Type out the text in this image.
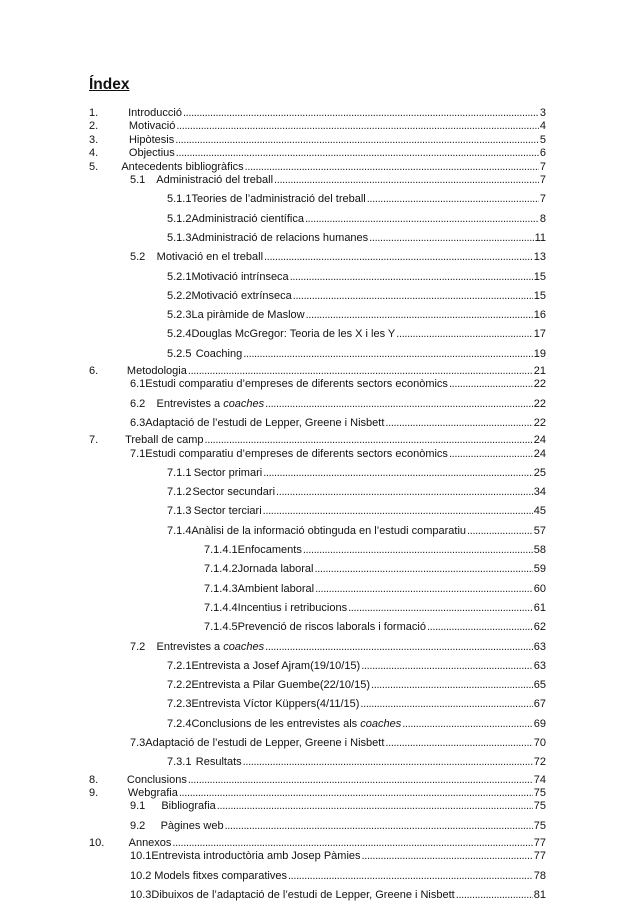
Índex
1.	Introducció . . .	3
2.	Motivació . . .	4
3.	Hipòtesis . . .	5
4.	Objectius . . .	6
5.	Antecedents bibliogràfics . . .	7
5.1 Administració del treball . . .	7
5.1.1 Teories de l’administració del treball . . .	7
5.1.2 Administració científica . . .	8
5.1.3 Administració de relacions humanes . . .	11
5.2	Motivació en el treball . . .	13
5.2.1 Motivació intrínseca . . .	15
5.2.2 Motivació extrínseca . . .	15
5.2.3 La piràmide de Maslow . . .	16
5.2.4 Douglas McGregor: Teoria de les X i les Y . . .	17
5.2.5 Coaching . . .	19
6.	Metodologia . . .	21
6.1 Estudi comparatiu d’empreses de diferents sectors econòmics . . .	22
6.2	Entrevistes a coaches . . .	22
6.3 Adaptació de l’estudi de Lepper, Greene i Nisbett . . .	22
7.	Treball de camp . . .	24
7.1 Estudi comparatiu d’empreses de diferents sectors econòmics . . .	24
7.1.1 Sector primari . . .	25
7.1.2 Sector secundari . . .	34
7.1.3 Sector terciari . . .	45
7.1.4 Anàlisi de la informació obtinguda en l’estudi comparatiu . . .	57
7.1.4.1 Enfocaments . . .	58
7.1.4.2 Jornada laboral . . .	59
7.1.4.3 Ambient laboral . . .	60
7.1.4.4 Incentius i retribucions . . .	61
7.1.4.5 Prevenció de riscos laborals i formació . . .	62
7.2	Entrevistes a coaches . . .	63
7.2.1 Entrevista a Josef Ajram(19/10/15) . . .	63
7.2.2 Entrevista a Pilar Guembe(22/10/15) . . .	65
7.2.3 Entrevista Víctor Küppers(4/11/15) . . .	67
7.2.4 Conclusions de les entrevistes als coaches . . .	69
7.3 Adaptació de l’estudi de Lepper, Greene i Nisbett . . .	70
7.3.1 Resultats . . .	72
8.	Conclusions . . .	74
9.	Webgrafia . . .	75
9.1	Bibliografia . . .	75
9.2	Pàgines web . . .	75
10.	Annexos . . .	77
10.1 Entrevista introductòria amb Josep Pàmies . . .	77
10.2 Models fitxes comparatives . . .	78
10.3 Dibuixos de l’adaptació de l’estudi de Lepper, Greene i Nisbett . . .	81
